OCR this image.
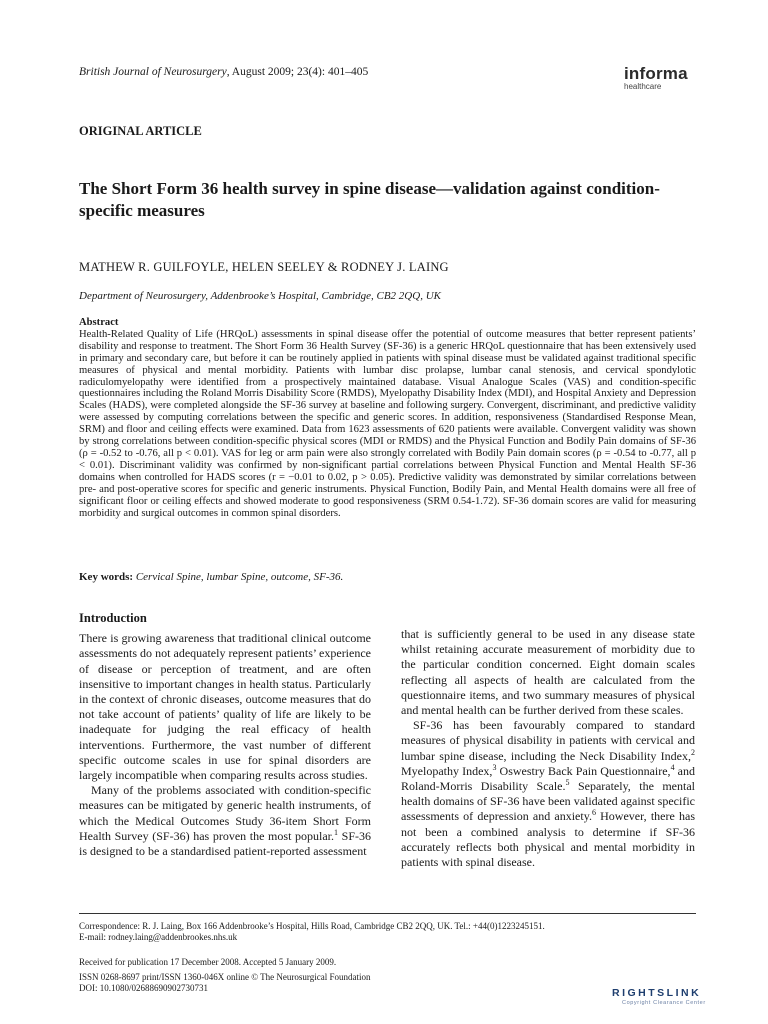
British Journal of Neurosurgery, August 2009; 23(4): 401–405	informa
healthcare
ORIGINAL ARTICLE
The Short Form 36 health survey in spine disease—validation against condition-specific measures
MATHEW R. GUILFOYLE, HELEN SEELEY & RODNEY J. LAING
Department of Neurosurgery, Addenbrooke’s Hospital, Cambridge, CB2 2QQ, UK
Abstract
Health-Related Quality of Life (HRQoL) assessments in spinal disease offer the potential of outcome measures that better represent patients’ disability and response to treatment. The Short Form 36 Health Survey (SF-36) is a generic HRQoL questionnaire that has been extensively used in primary and secondary care, but before it can be routinely applied in patients with spinal disease must be validated against traditional specific measures of physical and mental morbidity. Patients with lumbar disc prolapse, lumbar canal stenosis, and cervical spondylotic radiculomyelopathy were identified from a prospectively maintained database. Visual Analogue Scales (VAS) and condition-specific questionnaires including the Roland Morris Disability Score (RMDS), Myelopathy Disability Index (MDI), and Hospital Anxiety and Depression Scales (HADS), were completed alongside the SF-36 survey at baseline and following surgery. Convergent, discriminant, and predictive validity were assessed by computing correlations between the specific and generic scores. In addition, responsiveness (Standardised Response Mean, SRM) and floor and ceiling effects were examined. Data from 1623 assessments of 620 patients were available. Convergent validity was shown by strong correlations between condition-specific physical scores (MDI or RMDS) and the Physical Function and Bodily Pain domains of SF-36 (ρ = -0.52 to -0.76, all p < 0.01). VAS for leg or arm pain were also strongly correlated with Bodily Pain domain scores (ρ = -0.54 to -0.77, all p < 0.01). Discriminant validity was confirmed by non-significant partial correlations between Physical Function and Mental Health SF-36 domains when controlled for HADS scores (r = −0.01 to 0.02, p > 0.05). Predictive validity was demonstrated by similar correlations between pre- and post-operative scores for specific and generic instruments. Physical Function, Bodily Pain, and Mental Health domains were all free of significant floor or ceiling effects and showed moderate to good responsiveness (SRM 0.54-1.72). SF-36 domain scores are valid for measuring morbidity and surgical outcomes in common spinal disorders.
Key words: Cervical Spine, lumbar Spine, outcome, SF-36.
Introduction

There is growing awareness that traditional clinical outcome assessments do not adequately represent patients’ experience of disease or perception of treatment, and are often insensitive to important changes in health status. Particularly in the context of chronic diseases, outcome measures that do not take account of patients’ quality of life are likely to be inadequate for judging the real efficacy of health interventions. Furthermore, the vast number of different specific outcome scales in use for spinal disorders are largely incompatible when comparing results across studies.

Many of the problems associated with condition-specific measures can be mitigated by generic health instruments, of which the Medical Outcomes Study 36-item Short Form Health Survey (SF-36) has proven the most popular.$^1$ SF-36 is designed to be a standardised patient-reported assessment

that is sufficiently general to be used in any disease state whilst retaining accurate measurement of morbidity due to the particular condition concerned. Eight domain scales reflecting all aspects of health are calculated from the questionnaire items, and two summary measures of physical and mental health can be further derived from these scales.

SF-36 has been favourably compared to standard measures of physical disability in patients with cervical and lumbar spine disease, including the Neck Disability Index,$^2$ Myelopathy Index,$^3$ Oswestry Back Pain Questionnaire,$^4$ and Roland-Morris Disability Scale.$^5$ Separately, the mental health domains of SF-36 have been validated against specific assessments of depression and anxiety.$^6$ However, there has not been a combined analysis to determine if SF-36 accurately reflects both physical and mental morbidity in patients with spinal disease.

Correspondence: R. J. Laing, Box 166 Addenbrooke’s Hospital, Hills Road, Cambridge CB2 2QQ, UK. Tel.: +44(0)1223245151.
E-mail: rodney.laing@addenbrookes.nhs.uk
Received for publication 17 December 2008. Accepted 5 January 2009.
ISSN 0268-8697 print/ISSN 1360-046X online © The Neurosurgical Foundation
DOI: 10.1080/02688690902730731	RIGHTSLINK
Copyright Clearance Center
